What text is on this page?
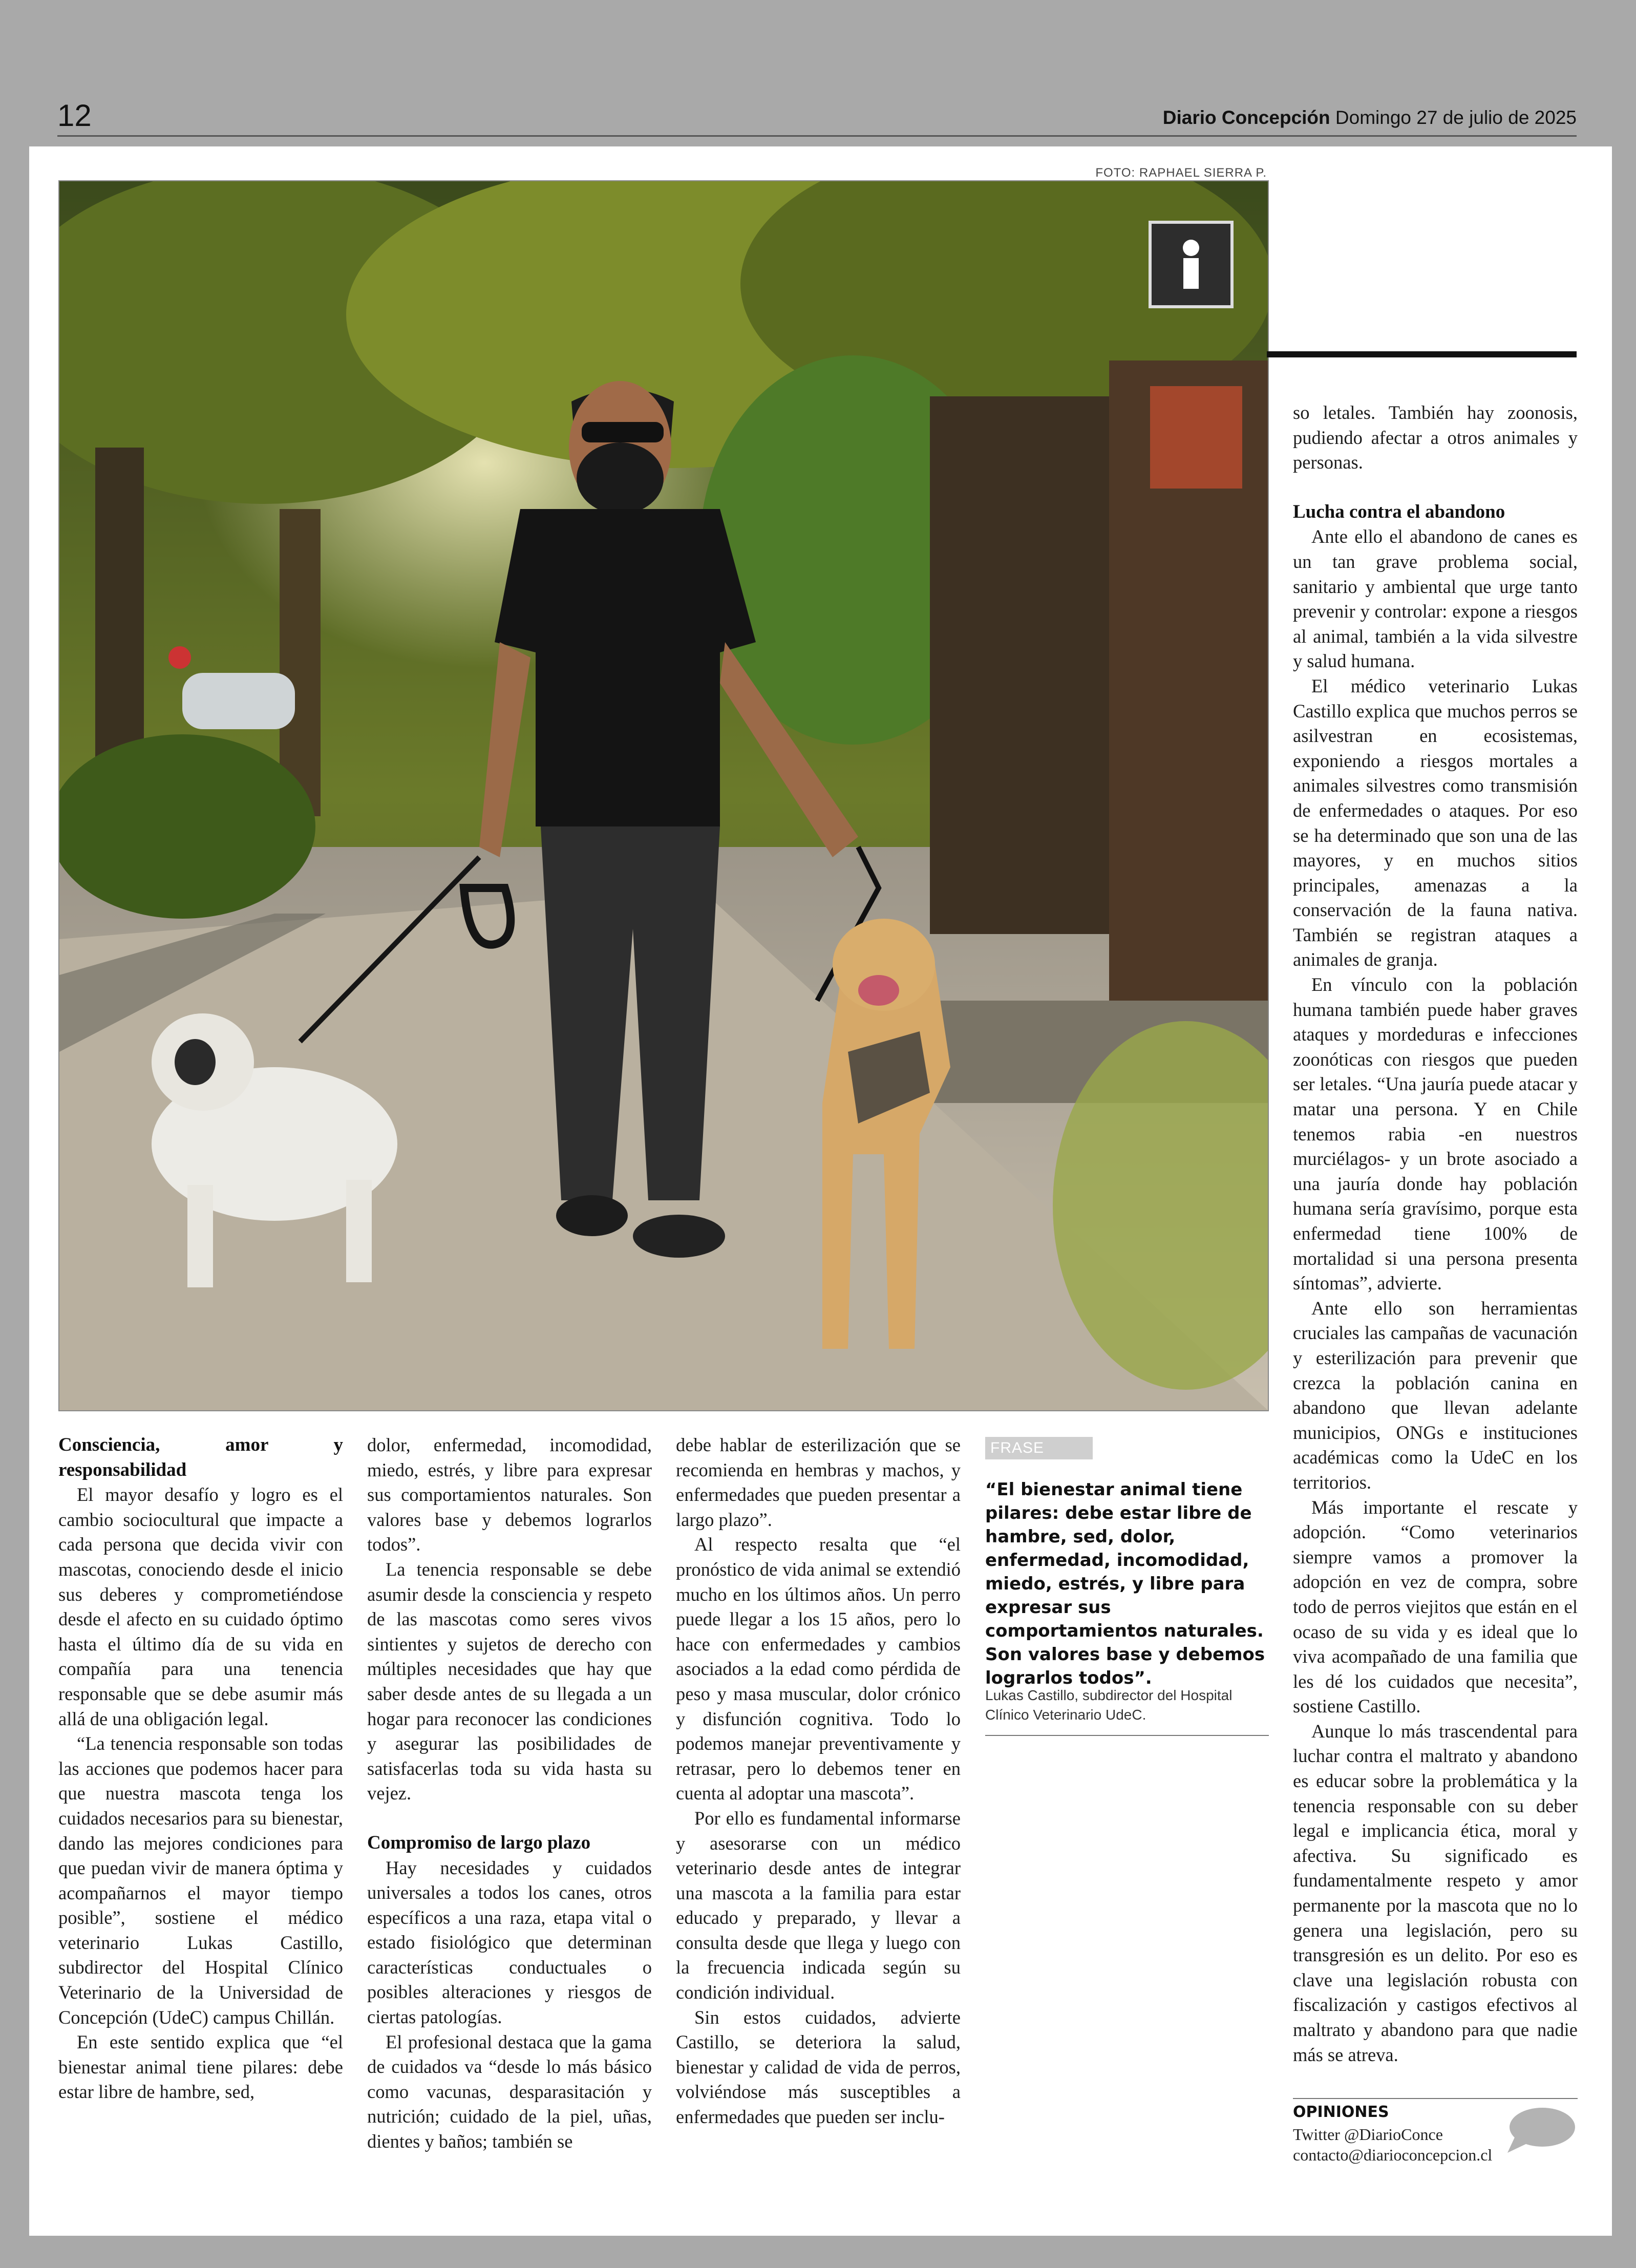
12	Diario Concepción Domingo 27 de julio de 2025
FOTO: RAPHAEL SIERRA P.
Consciencia, amor y responsabilidad

El mayor desafío y logro es el cambio sociocultural que impacte a cada persona que decida vivir con mascotas, conociendo desde el inicio sus deberes y comprometiéndose desde el afecto en su cuidado óptimo hasta el último día de su vida en compañía para una tenencia responsable que se debe asumir más allá de una obligación legal.

“La tenencia responsable son todas las acciones que podemos hacer para que nuestra mascota tenga los cuidados necesarios para su bienestar, dando las mejores condiciones para que puedan vivir de manera óptima y acompañarnos el mayor tiempo posible”, sostiene el médico veterinario Lukas Castillo, subdirector del Hospital Clínico Veterinario de la Universidad de Concepción (UdeC) campus Chillán.

En este sentido explica que “el bienestar animal tiene pilares: debe estar libre de hambre, sed,

dolor, enfermedad, incomodidad, miedo, estrés, y libre para expresar sus comportamientos naturales. Son valores base y debemos lograrlos todos”.

La tenencia responsable se debe asumir desde la consciencia y respeto de las mascotas como seres vivos sintientes y sujetos de derecho con múltiples necesidades que hay que saber desde antes de su llegada a un hogar para reconocer las condiciones y asegurar las posibilidades de satisfacerlas toda su vida hasta su vejez.

Compromiso de largo plazo

Hay necesidades y cuidados universales a todos los canes, otros específicos a una raza, etapa vital o estado fisiológico que determinan características conductuales o posibles alteraciones y riesgos de ciertas patologías.

El profesional destaca que la gama de cuidados va “desde lo más básico como vacunas, desparasitación y nutrición; cuidado de la piel, uñas, dientes y baños; también se

debe hablar de esterilización que se recomienda en hembras y machos, y enfermedades que pueden presentar a largo plazo”.

Al respecto resalta que “el pronóstico de vida animal se extendió mucho en los últimos años. Un perro puede llegar a los 15 años, pero lo hace con enfermedades y cambios asociados a la edad como pérdida de peso y masa muscular, dolor crónico y disfunción cognitiva. Todo lo podemos manejar preventivamente y retrasar, pero lo debemos tener en cuenta al adoptar una mascota”.

Por ello es fundamental informarse y asesorarse con un médico veterinario desde antes de integrar una mascota a la familia para estar educado y preparado, y llevar a consulta desde que llega y luego con la frecuencia indicada según su condición individual.

Sin estos cuidados, advierte Castillo, se deteriora la salud, bienestar y calidad de vida de perros, volviéndose más susceptibles a enfermedades que pueden ser inclu-

FRASE
“El bienestar animal tiene pilares: debe estar libre de hambre, sed, dolor, enfermedad, incomodidad, miedo, estrés, y libre para expresar sus comportamientos naturales. Son valores base y debemos lograrlos todos”.
Lukas Castillo, subdirector del Hospital Clínico Veterinario UdeC.

so letales. También hay zoonosis, pudiendo afectar a otros animales y personas.

Lucha contra el abandono

Ante ello el abandono de canes es un tan grave problema social, sanitario y ambiental que urge tanto prevenir y controlar: expone a riesgos al animal, también a la vida silvestre y salud humana.

El médico veterinario Lukas Castillo explica que muchos perros se asilvestran en ecosistemas, exponiendo a riesgos mortales a animales silvestres como transmisión de enfermedades o ataques. Por eso se ha determinado que son una de las mayores, y en muchos sitios principales, amenazas a la conservación de la fauna nativa. También se registran ataques a animales de granja.

En vínculo con la población humana también puede haber graves ataques y mordeduras e infecciones zoonóticas con riesgos que pueden ser letales. “Una jauría puede atacar y matar una persona. Y en Chile tenemos rabia -en nuestros murciélagos- y un brote asociado a una jauría donde hay población humana sería gravísimo, porque esta enfermedad tiene 100% de mortalidad si una persona presenta síntomas”, advierte.

Ante ello son herramientas cruciales las campañas de vacunación y esterilización para prevenir que crezca la población canina en abandono que llevan adelante municipios, ONGs e instituciones académicas como la UdeC en los territorios.

Más importante el rescate y adopción. “Como veterinarios siempre vamos a promover la adopción en vez de compra, sobre todo de perros viejitos que están en el ocaso de su vida y es ideal que lo viva acompañado de una familia que les dé los cuidados que necesita”, sostiene Castillo.

Aunque lo más trascendental para luchar contra el maltrato y abandono es educar sobre la problemática y la tenencia responsable con su deber legal e implicancia ética, moral y afectiva. Su significado es fundamentalmente respeto y amor permanente por la mascota que no lo genera una legislación, pero su transgresión es un delito. Por eso es clave una legislación robusta con fiscalización y castigos efectivos al maltrato y abandono para que nadie más se atreva.

OPINIONES
Twitter @DiarioConce
contacto@diarioconcepcion.cl
